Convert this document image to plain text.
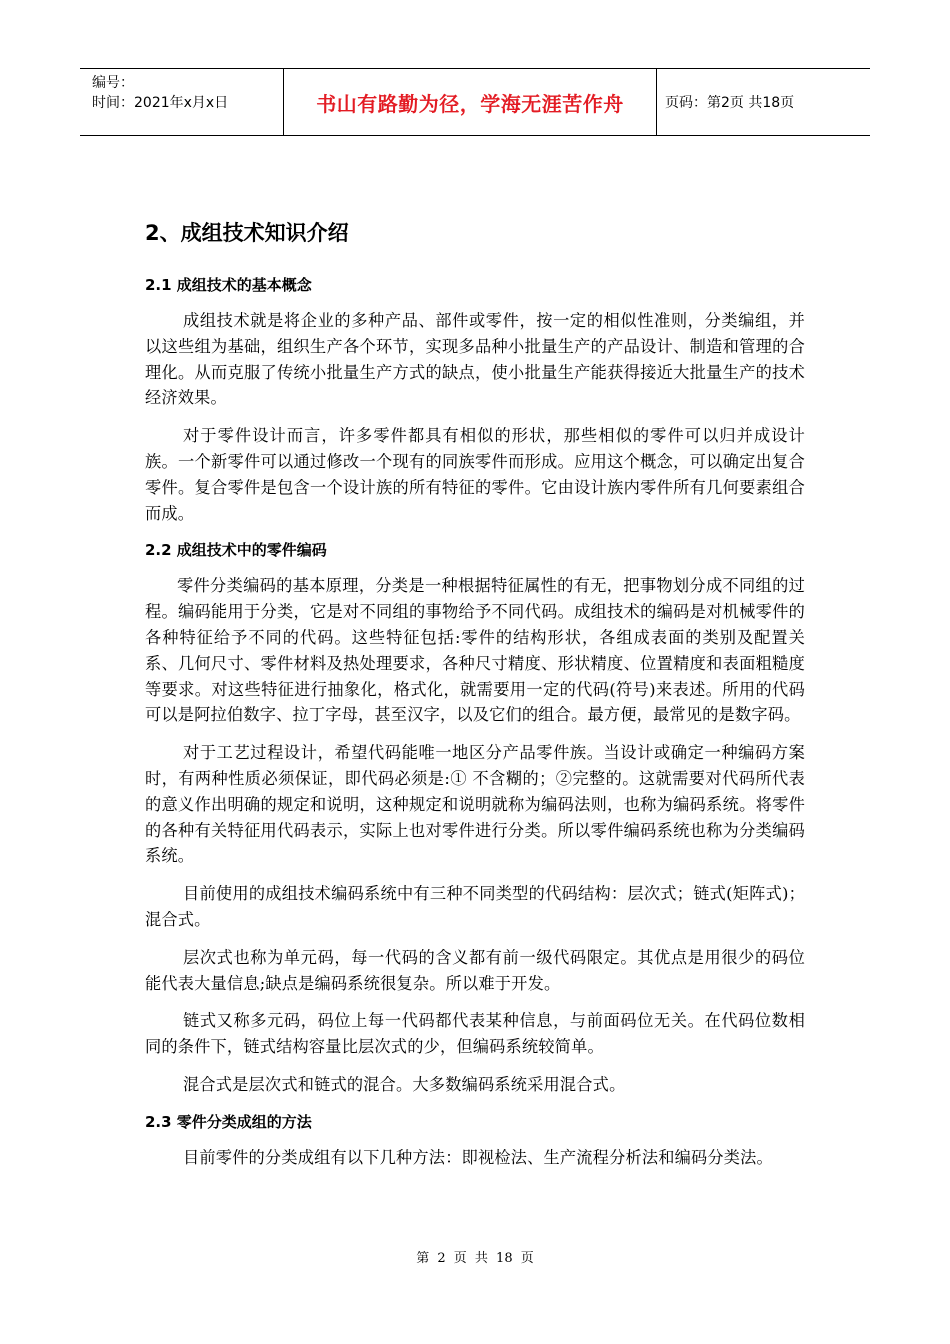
编号：
时间：2021年x月x日	书山有路勤为径，学海无涯苦作舟	页码：第2页 共18页
2、成组技术知识介绍
2.1 成组技术的基本概念

成组技术就是将企业的多种产品、部件或零件，按一定的相似性准则，分类编组，并以这些组为基础，组织生产各个环节，实现多品种小批量生产的产品设计、制造和管理的合理化。从而克服了传统小批量生产方式的缺点，使小批量生产能获得接近大批量生产的技术经济效果。

对于零件设计而言，许多零件都具有相似的形状，那些相似的零件可以归并成设计族。一个新零件可以通过修改一个现有的同族零件而形成。应用这个概念，可以确定出复合零件。复合零件是包含一个设计族的所有特征的零件。它由设计族内零件所有几何要素组合而成。

2.2 成组技术中的零件编码

零件分类编码的基本原理，分类是一种根据特征属性的有无，把事物划分成不同组的过程。编码能用于分类，它是对不同组的事物给予不同代码。成组技术的编码是对机械零件的各种特征给予不同的代码。这些特征包括:零件的结构形状，各组成表面的类别及配置关系、几何尺寸、零件材料及热处理要求，各种尺寸精度、形状精度、位置精度和表面粗糙度等要求。对这些特征进行抽象化，格式化，就需要用一定的代码(符号)来表述。所用的代码可以是阿拉伯数字、拉丁字母，甚至汉字，以及它们的组合。最方便，最常见的是数字码。

对于工艺过程设计，希望代码能唯一地区分产品零件族。当设计或确定一种编码方案时，有两种性质必须保证，即代码必须是:① 不含糊的；②完整的。这就需要对代码所代表的意义作出明确的规定和说明，这种规定和说明就称为编码法则，也称为编码系统。将零件的各种有关特征用代码表示，实际上也对零件进行分类。所以零件编码系统也称为分类编码系统。

目前使用的成组技术编码系统中有三种不同类型的代码结构：层次式；链式(矩阵式)；混合式。

层次式也称为单元码，每一代码的含义都有前一级代码限定。其优点是用很少的码位能代表大量信息;缺点是编码系统很复杂。所以难于开发。

链式又称多元码，码位上每一代码都代表某种信息，与前面码位无关。在代码位数相同的条件下，链式结构容量比层次式的少，但编码系统较简单。

混合式是层次式和链式的混合。大多数编码系统采用混合式。

2.3 零件分类成组的方法

目前零件的分类成组有以下几种方法：即视检法、生产流程分析法和编码分类法。

第 2 页 共 18 页
